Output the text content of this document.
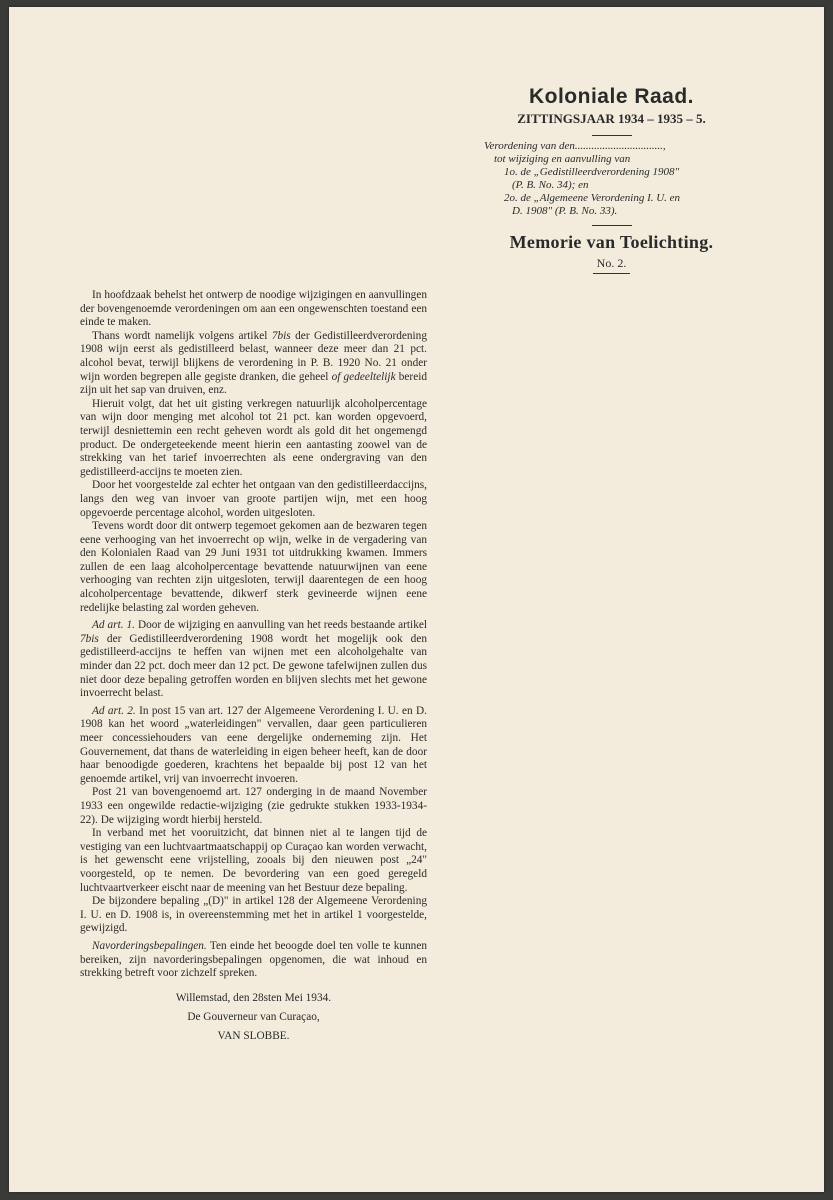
Koloniale Raad.
ZITTINGSJAAR 1934 – 1935 – 5.
Verordening van den................................,
tot wijziging en aanvulling van
1o. de „Gedistilleerdverordening 1908"
(P. B. No. 34); en
2o. de „Algemeene Verordening I. U. en
D. 1908" (P. B. No. 33).
Memorie van Toelichting.
No. 2.

In hoofdzaak behelst het ontwerp de noodige wijzigingen en aanvullingen der bovengenoemde verordeningen om aan een ongewenschten toestand een einde te maken.

Thans wordt namelijk volgens artikel 7bis der Gedistilleerdverordening 1908 wijn eerst als gedistilleerd belast, wanneer deze meer dan 21 pct. alcohol bevat, terwijl blijkens de verordening in P. B. 1920 No. 21 onder wijn worden begrepen alle gegiste dranken, die geheel of gedeeltelijk bereid zijn uit het sap van druiven, enz.

Hieruit volgt, dat het uit gisting verkregen natuurlijk alcoholpercentage van wijn door menging met alcohol tot 21 pct. kan worden opgevoerd, terwijl desniettemin een recht geheven wordt als gold dit het ongemengd product. De ondergeteekende meent hierin een aantasting zoowel van de strekking van het tarief invoerrechten als eene ondergraving van den gedistilleerd-accijns te moeten zien.

Door het voorgestelde zal echter het ontgaan van den gedistilleerdaccijns, langs den weg van invoer van groote partijen wijn, met een hoog opgevoerde percentage alcohol, worden uitgesloten.

Tevens wordt door dit ontwerp tegemoet gekomen aan de bezwaren tegen eene verhooging van het invoerrecht op wijn, welke in de vergadering van den Kolonialen Raad van 29 Juni 1931 tot uitdrukking kwamen. Immers zullen de een laag alcoholpercentage bevattende natuurwijnen van eene verhooging van rechten zijn uitgesloten, terwijl daarentegen de een hoog alcoholpercentage bevattende, dikwerf sterk gevineerde wijnen eene redelijke belasting zal worden geheven.

Ad art. 1. Door de wijziging en aanvulling van het reeds bestaande artikel 7bis der Gedistilleerdverordening 1908 wordt het mogelijk ook den gedistilleerd-accijns te heffen van wijnen met een alcoholgehalte van minder dan 22 pct. doch meer dan 12 pct. De gewone tafelwijnen zullen dus niet door deze bepaling getroffen worden en blijven slechts met het gewone invoerrecht belast.

Ad art. 2. In post 15 van art. 127 der Algemeene Verordening I. U. en D. 1908 kan het woord „waterleidingen" vervallen, daar geen particulieren meer concessiehouders van eene dergelijke onderneming zijn. Het Gouvernement, dat thans de waterleiding in eigen beheer heeft, kan de door haar benoodigde goederen, krachtens het bepaalde bij post 12 van het genoemde artikel, vrij van invoerrecht invoeren.

Post 21 van bovengenoemd art. 127 onderging in de maand November 1933 een ongewilde redactie-wijziging (zie gedrukte stukken 1933-1934-22). De wijziging wordt hierbij hersteld.

In verband met het vooruitzicht, dat binnen niet al te langen tijd de vestiging van een luchtvaartmaatschappij op Curaçao kan worden verwacht, is het gewenscht eene vrijstelling, zooals bij den nieuwen post „24" voorgesteld, op te nemen. De bevordering van een goed geregeld luchtvaartverkeer eischt naar de meening van het Bestuur deze bepaling.

De bijzondere bepaling „(D)" in artikel 128 der Algemeene Verordening I. U. en D. 1908 is, in overeenstemming met het in artikel 1 voorgestelde, gewijzigd.

Navorderingsbepalingen. Ten einde het beoogde doel ten volle te kunnen bereiken, zijn navorderingsbepalingen opgenomen, die wat inhoud en strekking betreft voor zichzelf spreken.

Willemstad, den 28sten Mei 1934.
De Gouverneur van Curaçao,
VAN SLOBBE.
